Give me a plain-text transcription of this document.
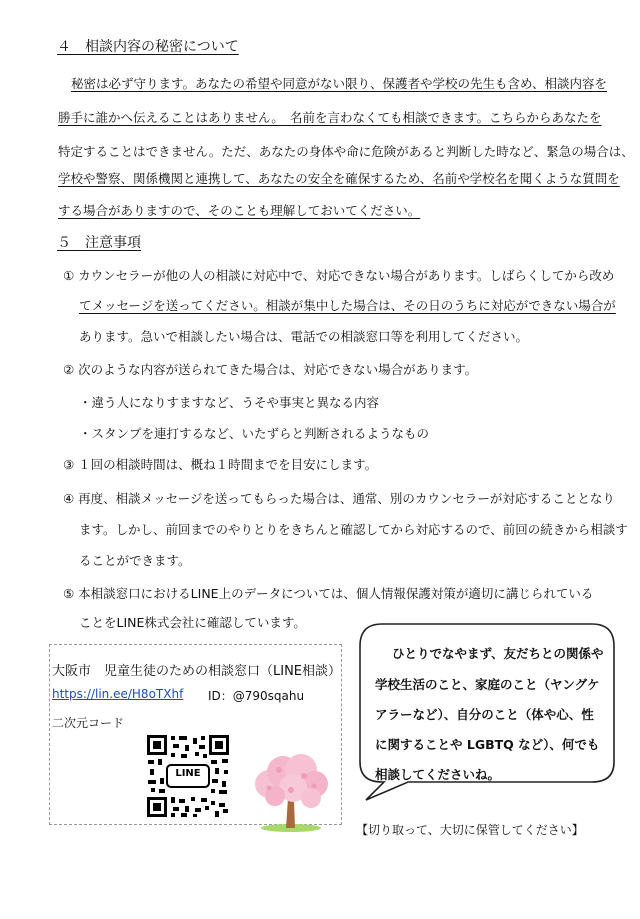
４　相談内容の秘密について
秘密は必ず守ります。あなたの希望や同意がない限り、保護者や学校の先生も含め、相談内容を
勝手に誰かへ伝えることはありません。　名前を言わなくても相談できます。こちらからあなたを
特定することはできません。ただ、あなたの身体や命に危険があると判断した時など、緊急の場合は、
学校や警察、関係機関と連携して、あなたの安全を確保するため、名前や学校名を聞くような質問を
する場合がありますので、そのことも理解しておいてください。
５　注意事項
① カウンセラーが他の人の相談に対応中で、対応できない場合があります。しばらくしてから改め
てメッセージを送ってください。相談が集中した場合は、その日のうちに対応ができない場合が
あります。急いで相談したい場合は、電話での相談窓口等を利用してください。
② 次のような内容が送られてきた場合は、対応できない場合があります。
・違う人になりすますなど、うそや事実と異なる内容
・スタンプを連打するなど、いたずらと判断されるようなもの
③ １回の相談時間は、概ね１時間までを目安にします。
④ 再度、相談メッセージを送ってもらった場合は、通常、別のカウンセラーが対応することとなり
ます。しかし、前回までのやりとりをきちんと確認してから対応するので、前回の続きから相談す
ることができます。
⑤ 本相談窓口におけるLINE上のデータについては、個人情報保護対策が適切に講じられている
ことをLINE株式会社に確認しています。
大阪市　児童生徒のための相談窓口（LINE相談）
https://lin.ee/H8oTXhf ID：@790sqahu
二次元コード
LINE
ひとりでなやまず、友だちとの関係や
学校生活のこと、家庭のこと（ヤングケ
アラーなど）、自分のこと（体や心、性
に関することや LGBTQ など）、何でも
相談してくださいね。
【切り取って、大切に保管してください】
